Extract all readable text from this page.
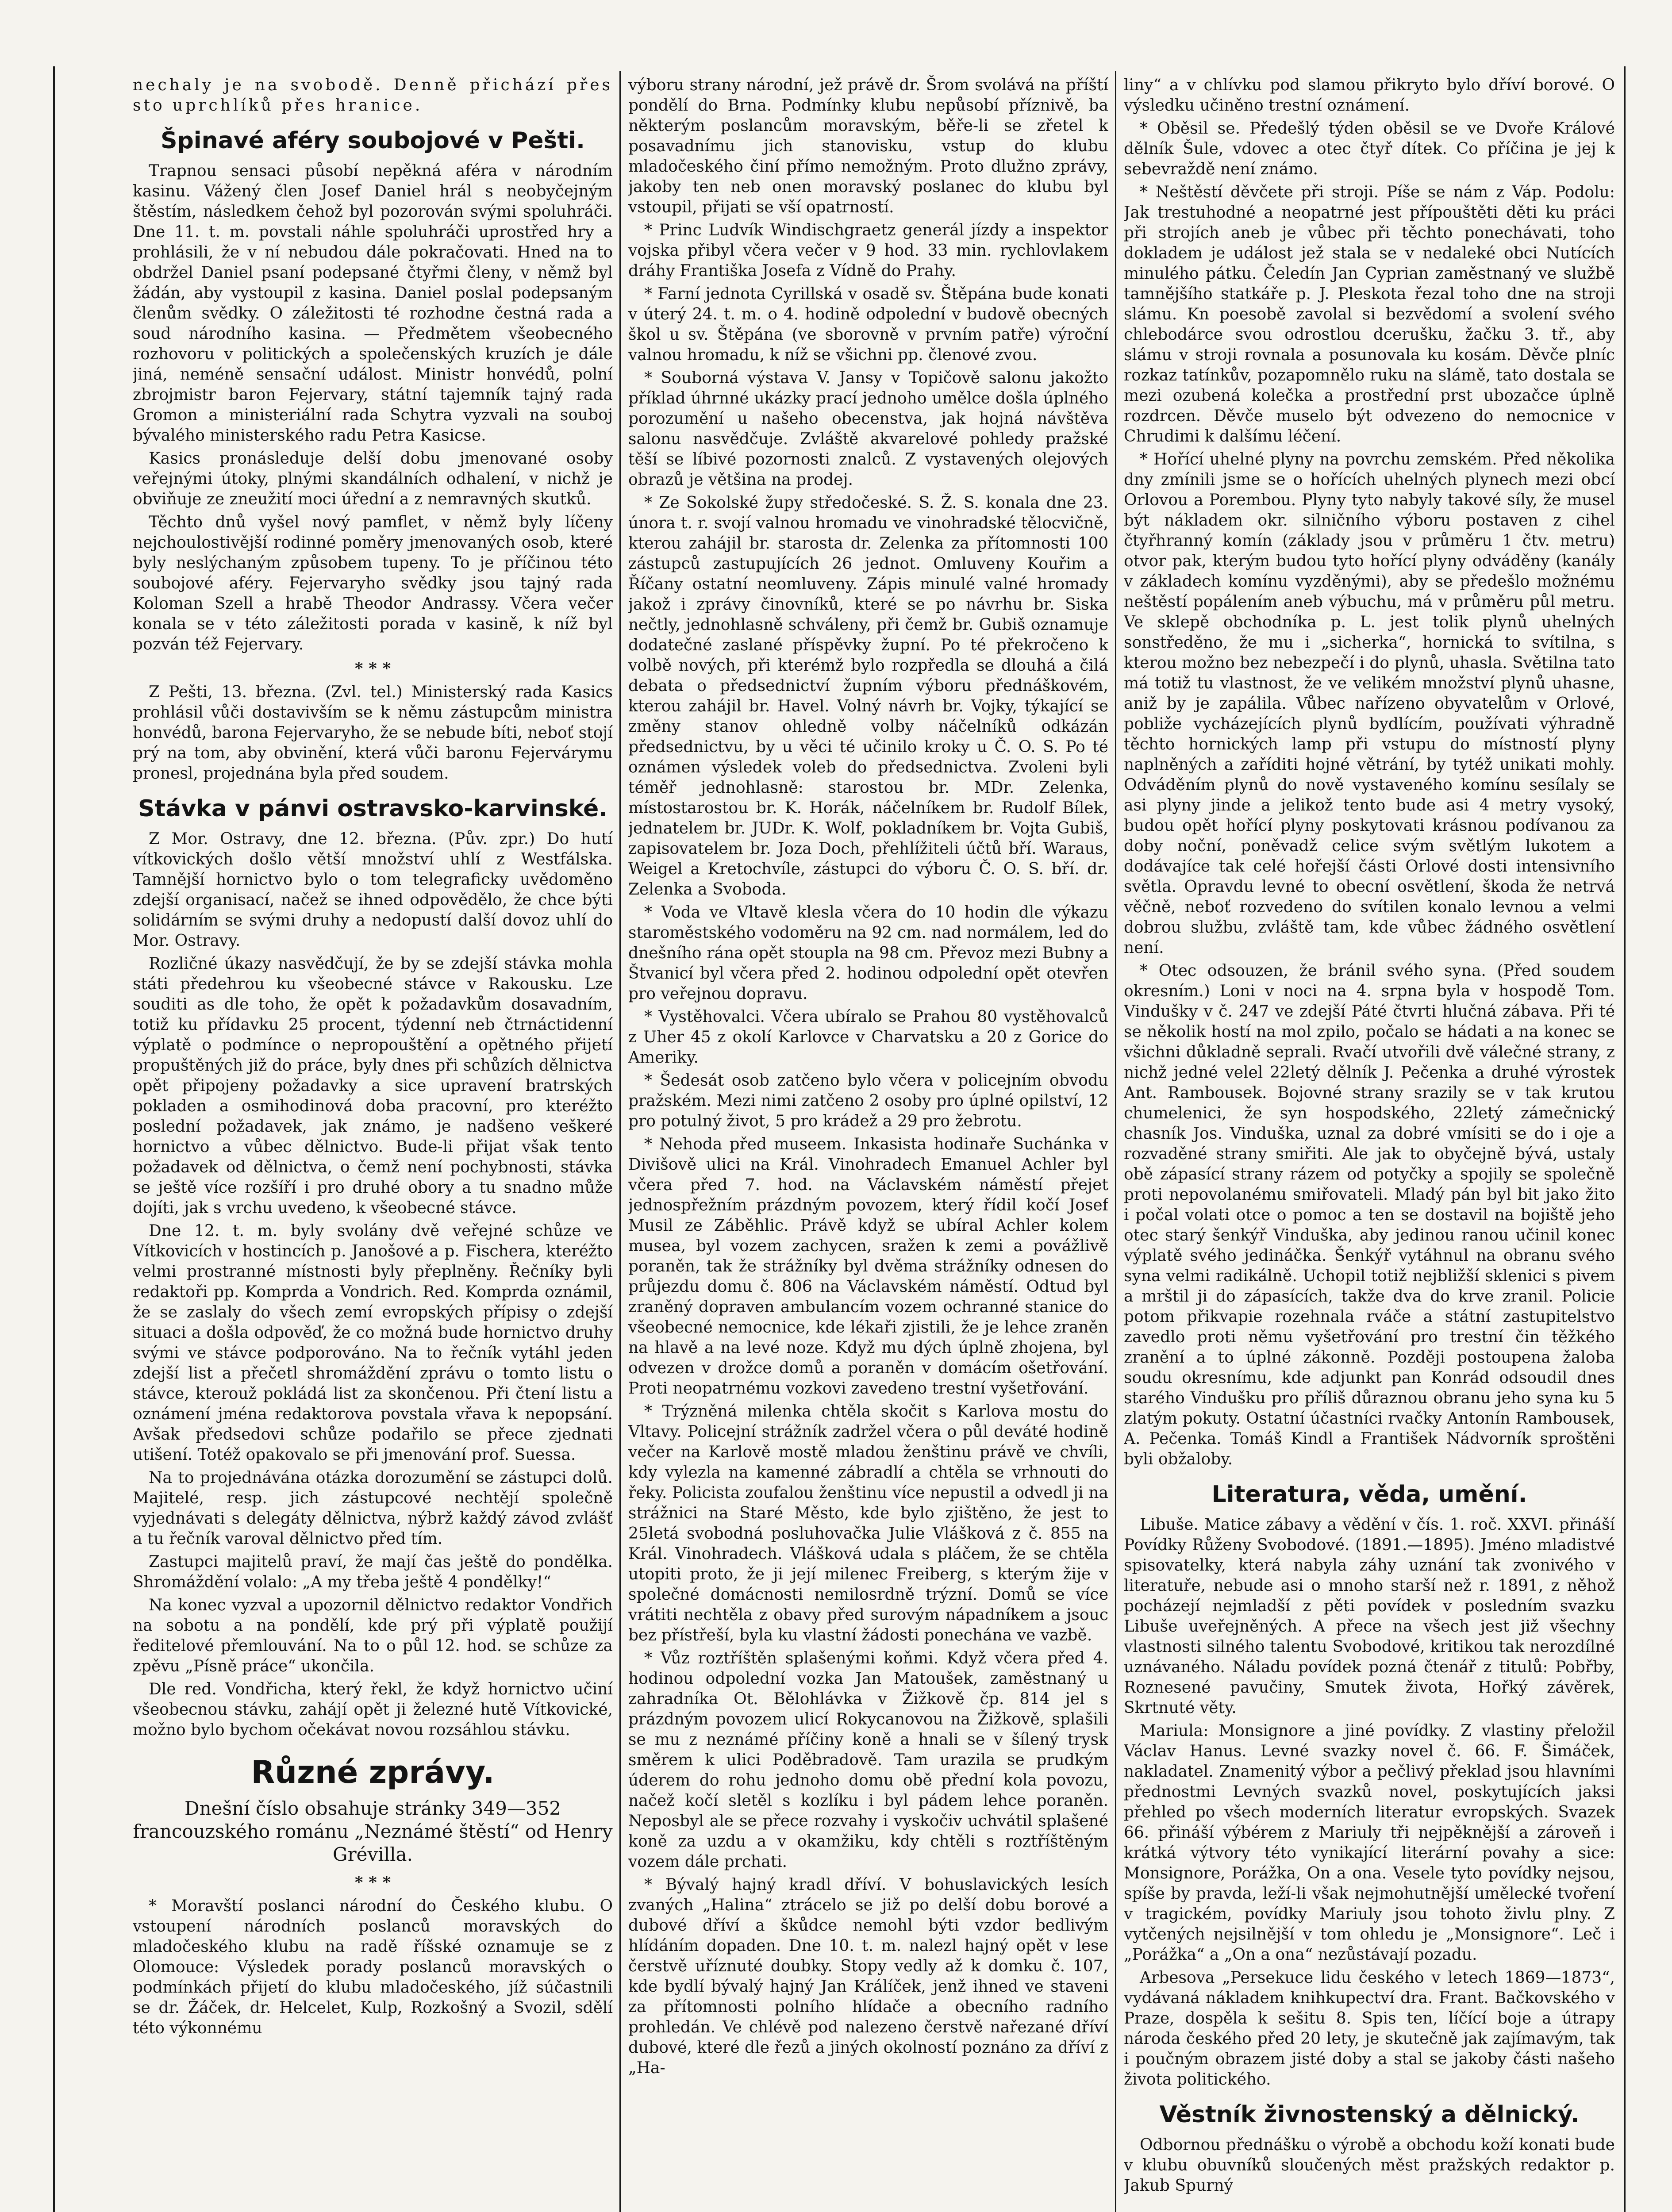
nechaly je na svobodě. Denně přichází přes sto uprchlíků přes hranice.

Špinavé aféry soubojové v Pešti.

Trapnou sensaci působí nepěkná aféra v národním kasinu. Vážený člen Josef Daniel hrál s neobyčejným štěstím, následkem čehož byl pozorován svými spoluhráči. Dne 11. t. m. povstali náhle spoluhráči uprostřed hry a prohlásili, že v ní nebudou dále pokračovati. Hned na to obdržel Daniel psaní podepsané čtyřmi členy, v němž byl žádán, aby vystoupil z kasina. Daniel poslal podepsaným členům svědky. O záležitosti té rozhodne čestná rada a soud národního kasina. — Předmětem všeobecného rozhovoru v politických a společenských kruzích je dále jiná, neméně sensační událost. Ministr honvédů, polní zbrojmistr baron Fejervary, státní tajemník tajný rada Gromon a ministeriální rada Schytra vyzvali na souboj bývalého ministerského radu Petra Kasicse.

Kasics pronásleduje delší dobu jmenované osoby veřejnými útoky, plnými skandálních odhalení, v nichž je obviňuje ze zneužití moci úřední a z nemravných skutků.

Těchto dnů vyšel nový pamflet, v němž byly líčeny nejchoulostivější rodinné poměry jmenovaných osob, které byly neslýchaným způsobem tupeny. To je příčinou této soubojové aféry. Fejervaryho svědky jsou tajný rada Koloman Szell a hrabě Theodor Andrassy. Včera večer konala se v této záležitosti porada v kasině, k níž byl pozván též Fejervary.

* * *

Z Pešti, 13. března. (Zvl. tel.) Ministerský rada Kasics prohlásil vůči dostavivším se k němu zástupcům ministra honvédů, barona Fejervaryho, že se nebude bíti, neboť stojí prý na tom, aby obvinění, která vůči baronu Fejervárymu pronesl, projednána byla před soudem.

Stávka v pánvi ostravsko-karvinské.

Z Mor. Ostravy, dne 12. března. (Pův. zpr.) Do hutí vítkovických došlo větší množství uhlí z Westfálska. Tamnější hornictvo bylo o tom telegraficky uvědoměno zdejší organisací, načež se ihned odpovědělo, že chce býti solidárním se svými druhy a nedopustí další dovoz uhlí do Mor. Ostravy.

Rozličné úkazy nasvědčují, že by se zdejší stávka mohla státi předehrou ku všeobecné stávce v Rakousku. Lze souditi as dle toho, že opět k požadavkům dosavadním, totiž ku přídavku 25 procent, týdenní neb čtrnáctidenní výplatě o podmínce o nepropouštění a opětného přijetí propuštěných již do práce, byly dnes při schůzích dělnictva opět připojeny požadavky a sice upravení bratrských pokladen a osmihodinová doba pracovní, pro kteréžto poslední požadavek, jak známo, je nadšeno veškeré hornictvo a vůbec dělnictvo. Bude-li přijat však tento požadavek od dělnictva, o čemž není pochybnosti, stávka se ještě více rozšíří i pro druhé obory a tu snadno může dojíti, jak s vrchu uvedeno, k všeobecné stávce.

Dne 12. t. m. byly svolány dvě veřejné schůze ve Vítkovicích v hostincích p. Janošové a p. Fischera, kteréžto velmi prostranné místnosti byly přeplněny. Řečníky byli redaktoři pp. Komprda a Vondrich. Red. Komprda oznámil, že se zaslaly do všech zemí evropských přípisy o zdejší situaci a došla odpověď, že co možná bude hornictvo druhy svými ve stávce podporováno. Na to řečník vytáhl jeden zdejší list a přečetl shromáždění zprávu o tomto listu o stávce, kterouž pokládá list za skončenou. Při čtení listu a oznámení jména redaktorova povstala vřava k nepopsání. Avšak předsedovi schůze podařilo se přece zjednati utišení. Totéž opakovalo se při jmenování prof. Suessa.

Na to projednávána otázka dorozumění se zástupci dolů. Majitelé, resp. jich zástupcové nechtějí společně vyjednávati s delegáty dělnictva, nýbrž každý závod zvlášť a tu řečník varoval dělnictvo před tím.

Zastupci majitelů praví, že mají čas ještě do pondělka. Shromáždění volalo: „A my třeba ještě 4 pondělky!“

Na konec vyzval a upozornil dělnictvo redaktor Vondřich na sobotu a na pondělí, kde prý při výplatě použijí ředitelové přemlouvání. Na to o půl 12. hod. se schůze za zpěvu „Písně práce“ ukončila.

Dle red. Vondřicha, který řekl, že když hornictvo učiní všeobecnou stávku, zahájí opět ji železné hutě Vítkovické, možno bylo bychom očekávat novou rozsáhlou stávku.

Různé zprávy.
Dnešní číslo obsahuje stránky 349—352 francouzského románu „Neznámé štěstí“ od Henry Grévilla.
* * *

* Moravští poslanci národní do Českého klubu. O vstoupení národních poslanců moravských do mladočeského klubu na radě říšské oznamuje se z Olomouce: Výsledek porady poslanců moravských o podmínkách přijetí do klubu mladočeského, jíž súčastnili se dr. Žáček, dr. Helcelet, Kulp, Rozkošný a Svozil, sdělí této výkonnému

výboru strany národní, jež právě dr. Šrom svolává na příští pondělí do Brna. Podmínky klubu nepůsobí příznivě, ba některým poslancům moravským, běře-li se zřetel k posavadnímu jich stanovisku, vstup do klubu mladočeského činí přímo nemožným. Proto dlužno zprávy, jakoby ten neb onen moravský poslanec do klubu byl vstoupil, přijati se vší opatrností.

* Princ Ludvík Windischgraetz generál jízdy a inspektor vojska přibyl včera večer v 9 hod. 33 min. rychlovlakem dráhy Františka Josefa z Vídně do Prahy.

* Farní jednota Cyrillská v osadě sv. Štěpána bude konati v úterý 24. t. m. o 4. hodině odpolední v budově obecných škol u sv. Štěpána (ve sborovně v prvním patře) výroční valnou hromadu, k níž se všichni pp. členové zvou.

* Souborná výstava V. Jansy v Topičově salonu jakožto příklad úhrnné ukázky prací jednoho umělce došla úplného porozumění u našeho obecenstva, jak hojná návštěva salonu nasvědčuje. Zvláště akvarelové pohledy pražské těší se líbivé pozornosti znalců. Z vystavených olejových obrazů je většina na prodej.

* Ze Sokolské župy středočeské. S. Ž. S. konala dne 23. února t. r. svojí valnou hromadu ve vinohradské tělocvičně, kterou zahájil br. starosta dr. Zelenka za přítomnosti 100 zástupců zastupujících 26 jednot. Omluveny Kouřim a Říčany ostatní neomluveny. Zápis minulé valné hromady jakož i zprávy činovníků, které se po návrhu br. Siska nečtly, jednohlasně schváleny, při čemž br. Gubiš oznamuje dodatečné zaslané příspěvky župní. Po té překročeno k volbě nových, při kterémž bylo rozpředla se dlouhá a čilá debata o předsednictví župním výboru přednáškovém, kterou zahájil br. Havel. Volný návrh br. Vojky, týkající se změny stanov ohledně volby náčelníků odkázán předsednictvu, by u věci té učinilo kroky u Č. O. S. Po té oznámen výsledek voleb do předsednictva. Zvoleni byli téměř jednohlasně: starostou br. MDr. Zelenka, místostarostou br. K. Horák, náčelníkem br. Rudolf Bílek, jednatelem br. JUDr. K. Wolf, pokladníkem br. Vojta Gubiš, zapisovatelem br. Joza Doch, přehlížiteli účtů bří. Waraus, Weigel a Kretochvíle, zástupci do výboru Č. O. S. bří. dr. Zelenka a Svoboda.

* Voda ve Vltavě klesla včera do 10 hodin dle výkazu staroměstského vodoměru na 92 cm. nad normálem, led do dnešního rána opět stoupla na 98 cm. Převoz mezi Bubny a Štvanicí byl včera před 2. hodinou odpolední opět otevřen pro veřejnou dopravu.

* Vystěhovalci. Včera ubíralo se Prahou 80 vystěhovalců z Uher 45 z okolí Karlovce v Charvatsku a 20 z Gorice do Ameriky.

* Šedesát osob zatčeno bylo včera v policejním obvodu pražském. Mezi nimi zatčeno 2 osoby pro úplné opilství, 12 pro potulný život, 5 pro krádež a 29 pro žebrotu.

* Nehoda před museem. Inkasista hodinaře Suchánka v Divišově ulici na Král. Vinohradech Emanuel Achler byl včera před 7. hod. na Václavském náměstí přejet jednospřežním prázdným povozem, který řídil kočí Josef Musil ze Záběhlic. Právě když se ubíral Achler kolem musea, byl vozem zachycen, sražen k zemi a povážlivě poraněn, tak že strážníky byl dvěma strážníky odnesen do průjezdu domu č. 806 na Václavském náměstí. Odtud byl zraněný dopraven ambulancím vozem ochranné stanice do všeobecné nemocnice, kde lékaři zjistili, že je lehce zraněn na hlavě a na levé noze. Když mu dých úplně zhojena, byl odvezen v drožce domů a poraněn v domácím ošetřování. Proti neopatrnému vozkovi zavedeno trestní vyšetřování.

* Trýzněná milenka chtěla skočit s Karlova mostu do Vltavy. Policejní strážník zadržel včera o půl deváté hodině večer na Karlově mostě mladou ženštinu právě ve chvíli, kdy vylezla na kamenné zábradlí a chtěla se vrhnouti do řeky. Policista zoufalou ženštinu více nepustil a odvedl ji na strážnici na Staré Město, kde bylo zjištěno, že jest to 25letá svobodná posluhovačka Julie Vlášková z č. 855 na Král. Vinohradech. Vlášková udala s pláčem, že se chtěla utopiti proto, že ji její milenec Freiberg, s kterým žije v společné domácnosti nemilosrdně trýzní. Domů se více vrátiti nechtěla z obavy před surovým nápadníkem a jsouc bez přístřeší, byla ku vlastní žádosti ponechána ve vazbě.

* Vůz roztříštěn splašenými koňmi. Když včera před 4. hodinou odpolední vozka Jan Matoušek, zaměstnaný u zahradníka Ot. Bělohlávka v Žižkově čp. 814 jel s prázdným povozem ulicí Rokycanovou na Žižkově, splašili se mu z neznámé příčiny koně a hnali se v šílený trysk směrem k ulici Poděbradově. Tam urazila se prudkým úderem do rohu jednoho domu obě přední kola povozu, načež kočí sletěl s kozlíku i byl pádem lehce poraněn. Neposbyl ale se přece rozvahy i vyskočiv uchvátil splašené koně za uzdu a v okamžiku, kdy chtěli s roztříštěným vozem dále prchati.

* Bývalý hajný kradl dříví. V bohuslavických lesích zvaných „Halina“ ztrácelo se již po delší dobu borové a dubové dříví a škůdce nemohl býti vzdor bedlivým hlídáním dopaden. Dne 10. t. m. nalezl hajný opět v lese čerstvě uříznuté doubky. Stopy vedly až k domku č. 107, kde bydlí bývalý hajný Jan Králíček, jenž ihned ve staveni za přítomnosti polního hlídače a obecního radního prohledán. Ve chlévě pod nalezeno čerstvě nařezané dříví dubové, které dle řezů a jiných okolností poznáno za dříví z „Ha-

liny“ a v chlívku pod slamou přikryto bylo dříví borové. O výsledku učiněno trestní oznámení.

* Oběsil se. Předešlý týden oběsil se ve Dvoře Králové dělník Šule, vdovec a otec čtyř dítek. Co příčina je jej k sebevraždě není známo.

* Neštěstí děvčete při stroji. Píše se nám z Váp. Podolu: Jak trestuhodné a neopatrné jest přípouštěti děti ku práci při strojích aneb je vůbec při těchto ponechávati, toho dokladem je událost jež stala se v nedaleké obci Nutících minulého pátku. Čeledín Jan Cyprian zaměstnaný ve službě tamnějšího statkáře p. J. Pleskota řezal toho dne na stroji slámu. Kn poesobě zavolal si bezvědomí a svolení svého chlebodárce svou odrostlou dcerušku, žačku 3. tř., aby slámu v stroji rovnala a posunovala ku kosám. Děvče plníc rozkaz tatínkův, pozapomnělo ruku na slámě, tato dostala se mezi ozubená kolečka a prostřední prst ubozačce úplně rozdrcen. Děvče muselo být odvezeno do nemocnice v Chrudimi k dalšímu léčení.

* Hořící uhelné plyny na povrchu zemském. Před několika dny zmínili jsme se o hořících uhelných plynech mezi obcí Orlovou a Porembou. Plyny tyto nabyly takové síly, že musel být nákladem okr. silničního výboru postaven z cihel čtyřhranný komín (základy jsou v průměru 1 čtv. metru) otvor pak, kterým budou tyto hořící plyny odváděny (kanály v základech komínu vyzděnými), aby se předešlo možnému neštěstí popálením aneb výbuchu, má v průměru půl metru. Ve sklepě obchodníka p. L. jest tolik plynů uhelných sonstředěno, že mu i „sicherka“, hornická to svítilna, s kterou možno bez nebezpečí i do plynů, uhasla. Světilna tato má totiž tu vlastnost, že ve velikém množství plynů uhasne, aniž by je zapálila. Vůbec nařízeno obyvatelům v Orlové, pobliže vycházejících plynů bydlícím, používati výhradně těchto hornických lamp při vstupu do místností plyny naplněných a zaříditi hojné větrání, by tytéž unikati mohly. Odváděním plynů do nově vystaveného komínu sesílaly se asi plyny jinde a jelikož tento bude asi 4 metry vysoký, budou opět hořící plyny poskytovati krásnou podívanou za doby noční, poněvadž celice svým světlým lukotem a dodávajíce tak celé hořejší části Orlové dosti intensivního světla. Opravdu levné to obecní osvětlení, škoda že netrvá věčně, neboť rozvedeno do svítilen konalo levnou a velmi dobrou službu, zvláště tam, kde vůbec žádného osvětlení není.

* Otec odsouzen, že bránil svého syna. (Před soudem okresním.) Loni v noci na 4. srpna byla v hospodě Tom. Vindušky v č. 247 ve zdejší Páté čtvrti hlučná zábava. Při té se několik hostí na mol zpilo, počalo se hádati a na konec se všichni důkladně seprali. Rvačí utvořili dvě válečné strany, z nichž jedné velel 22letý dělník J. Pečenka a druhé výrostek Ant. Rambousek. Bojovné strany srazily se v tak krutou chumelenici, že syn hospodského, 22letý zámečnický chasník Jos. Vinduška, uznal za dobré vmísiti se do i oje a rozvaděné strany smiřiti. Ale jak to obyčejně bývá, ustaly obě zápasící strany rázem od potyčky a spojily se společně proti nepovolanému smiřovateli. Mladý pán byl bit jako žito i počal volati otce o pomoc a ten se dostavil na bojiště jeho otec starý šenkýř Vinduška, aby jedinou ranou učinil konec výplatě svého jedináčka. Šenkýř vytáhnul na obranu svého syna velmi radikálně. Uchopil totiž nejbližší sklenici s pivem a mrštil ji do zápasících, takže dva do krve zranil. Policie potom přikvapie rozehnala rváče a státní zastupitelstvo zavedlo proti němu vyšetřování pro trestní čin těžkého zranění a to úplné zákonně. Později postoupena žaloba soudu okresnímu, kde adjunkt pan Konrád odsoudil dnes starého Vindušku pro příliš důraznou obranu jeho syna ku 5 zlatým pokuty. Ostatní účastníci rvačky Antonín Rambousek, A. Pečenka. Tomáš Kindl a František Nádvorník sproštěni byli obžaloby.

Literatura, věda, umění.

Libuše. Matice zábavy a vědění v čís. 1. roč. XXVI. přináší Povídky Růženy Svobodové. (1891.—1895). Jméno mladistvé spisovatelky, která nabyla záhy uznání tak zvonivého v literatuře, nebude asi o mnoho starší než r. 1891, z něhož pocházejí nejmladší z pěti povídek v posledním svazku Libuše uveřejněných. A přece na všech jest již všechny vlastnosti silného talentu Svobodové, kritikou tak nerozdílné uznávaného. Náladu povídek pozná čtenář z titulů: Pobřby, Roznesené pavučiny, Smutek života, Hořký závěrek, Skrtnuté věty.

Mariula: Monsignore a jiné povídky. Z vlastiny přeložil Václav Hanus. Levné svazky novel č. 66. F. Šimáček, nakladatel. Znamenitý výbor a pečlivý překlad jsou hlavními přednostmi Levných svazků novel, poskytujících jaksi přehled po všech moderních literatur evropských. Svazek 66. přináší výbérem z Mariuly tři nejpěknější a zároveň i krátká výtvory této vynikající literární povahy a sice: Monsignore, Porážka, On a ona. Vesele tyto povídky nejsou, spíše by pravda, leží-li však nejmohutnější umělecké tvoření v tragickém, povídky Mariuly jsou tohoto živlu plny. Z vytčených nejsilnější v tom ohledu je „Monsignore“. Leč i „Porážka“ a „On a ona“ nezůstávají pozadu.

Arbesova „Persekuce lidu českého v letech 1869—1873“, vydávaná nákladem knihkupectví dra. Frant. Bačkovského v Praze, dospěla k sešitu 8. Spis ten, líčící boje a útrapy národa českého před 20 lety, je skutečně jak zajímavým, tak i poučným obrazem jisté doby a stal se jakoby části našeho života politického.

Věstník živnostenský a dělnický.

Odbornou přednášku o výrobě a obchodu koží konati bude v klubu obuvníků sloučených měst pražských redaktor p. Jakub Spurný
